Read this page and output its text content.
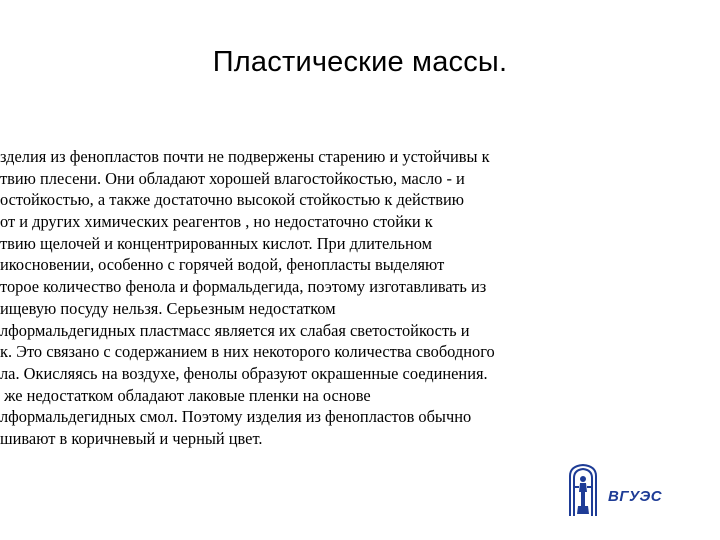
Пластические массы.
зделия из фенопластов почти не подвержены старению и устойчивы к
твию плесени. Они обладают хорошей влагостойкостью, масло - и
остойкостью, а также достаточно высокой стойкостью к действию
от и других химических реагентов , но недостаточно стойки к
твию щелочей и концентрированных кислот. При длительном
икосновении, особенно с горячей водой, фенопласты выделяют
торое количество фенола и формальдегида, поэтому изготавливать из
ищевую посуду нельзя. Серьезным недостатком
лформальдегидных пластмасс является их слабая светостойкость и
к. Это связано с содержанием в них некоторого количества свободного
ла. Окисляясь на воздухе, фенолы образуют окрашенные соединения.
же недостатком обладают лаковые пленки на основе
лформальдегидных смол. Поэтому изделия из фенопластов обычно
шивают в коричневый и черный цвет.
ВГУЭС
